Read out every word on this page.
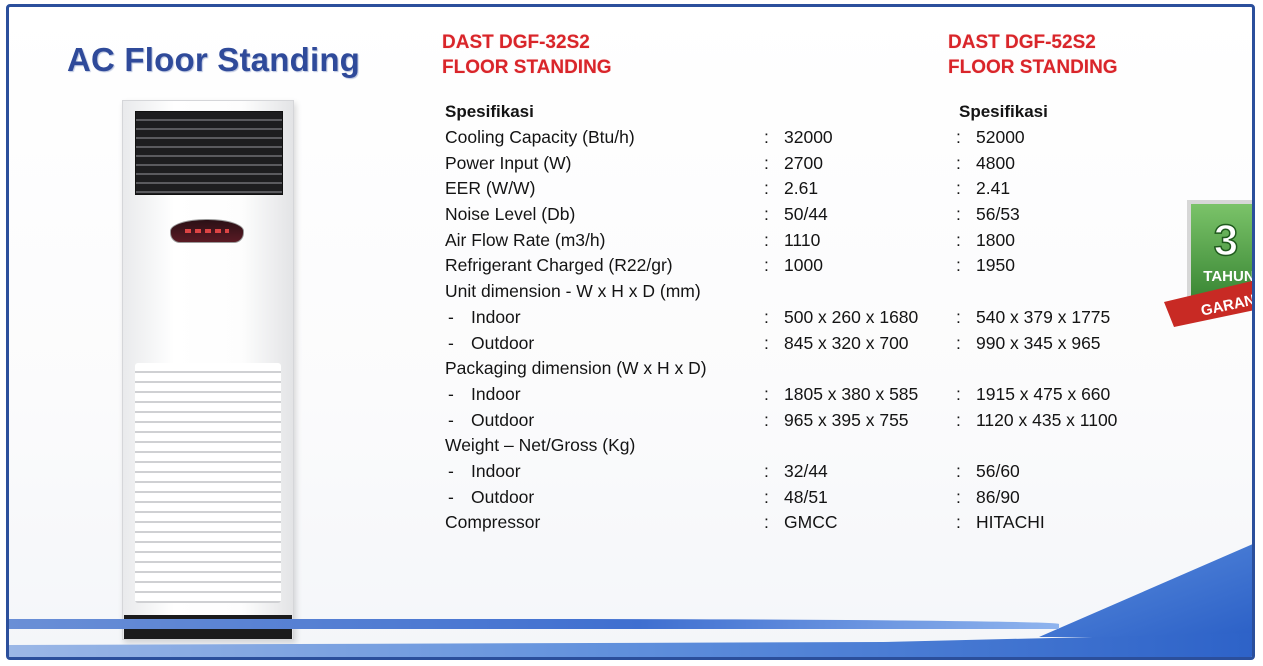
AC Floor Standing	DAST DGF-32S2
FLOOR STANDING
DAST DGF-52S2
FLOOR STANDING
Spesifikasi				Spesifikasi
Cooling Capacity (Btu/h)	:	32000	:	52000
Power Input (W)	:	2700	:	4800
EER (W/W)	:	2.61	:	2.41
Noise Level (Db)	:	50/44	:	56/53
Air Flow Rate (m3/h)	:	1110	:	1800
Refrigerant Charged (R22/gr)	:	1000	:	1950
Unit dimension - W x H x D (mm)				
- Indoor	:	500 x 260 x 1680	:	540 x 379 x 1775
- Outdoor	:	845 x 320 x 700	:	990 x 345 x 965
Packaging dimension (W x H x D)				
- Indoor	:	1805 x 380 x 585	:	1915 x 475 x 660
- Outdoor	:	965 x 395 x 755	:	1120 x 435 x 1100
Weight – Net/Gross (Kg)				
- Indoor	:	32/44	:	56/60
- Outdoor	:	48/51	:	86/90
Compressor	:	GMCC	:	HITACHI
3
TAHUN
GARAN
